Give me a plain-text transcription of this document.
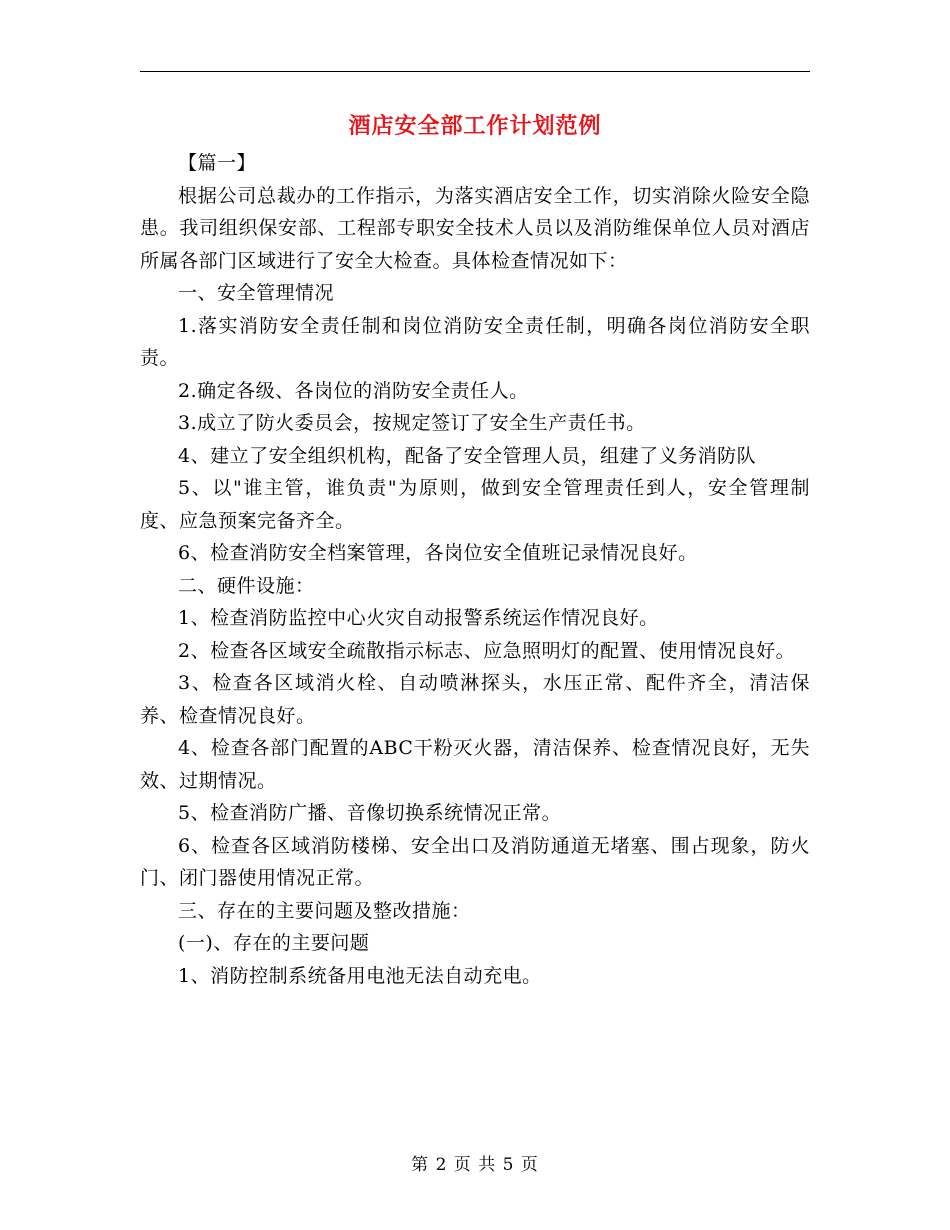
酒店安全部工作计划范例

【篇一】

根据公司总裁办的工作指示，为落实酒店安全工作，切实消除火险安全隐患。我司组织保安部、工程部专职安全技术人员以及消防维保单位人员对酒店所属各部门区域进行了安全大检查。具体检查情况如下：

一、安全管理情况

1.落实消防安全责任制和岗位消防安全责任制，明确各岗位消防安全职责。

2.确定各级、各岗位的消防安全责任人。

3.成立了防火委员会，按规定签订了安全生产责任书。

4、建立了安全组织机构，配备了安全管理人员，组建了义务消防队

5、以"谁主管，谁负责"为原则，做到安全管理责任到人，安全管理制度、应急预案完备齐全。

6、检查消防安全档案管理，各岗位安全值班记录情况良好。

二、硬件设施：

1、检查消防监控中心火灾自动报警系统运作情况良好。

2、检查各区域安全疏散指示标志、应急照明灯的配置、使用情况良好。

3、检查各区域消火栓、自动喷淋探头，水压正常、配件齐全，清洁保养、检查情况良好。

4、检查各部门配置的ABC干粉灭火器，清洁保养、检查情况良好，无失效、过期情况。

5、检查消防广播、音像切换系统情况正常。

6、检查各区域消防楼梯、安全出口及消防通道无堵塞、围占现象，防火门、闭门器使用情况正常。

三、存在的主要问题及整改措施：

(一)、存在的主要问题

1、消防控制系统备用电池无法自动充电。

第 2 页 共 5 页
